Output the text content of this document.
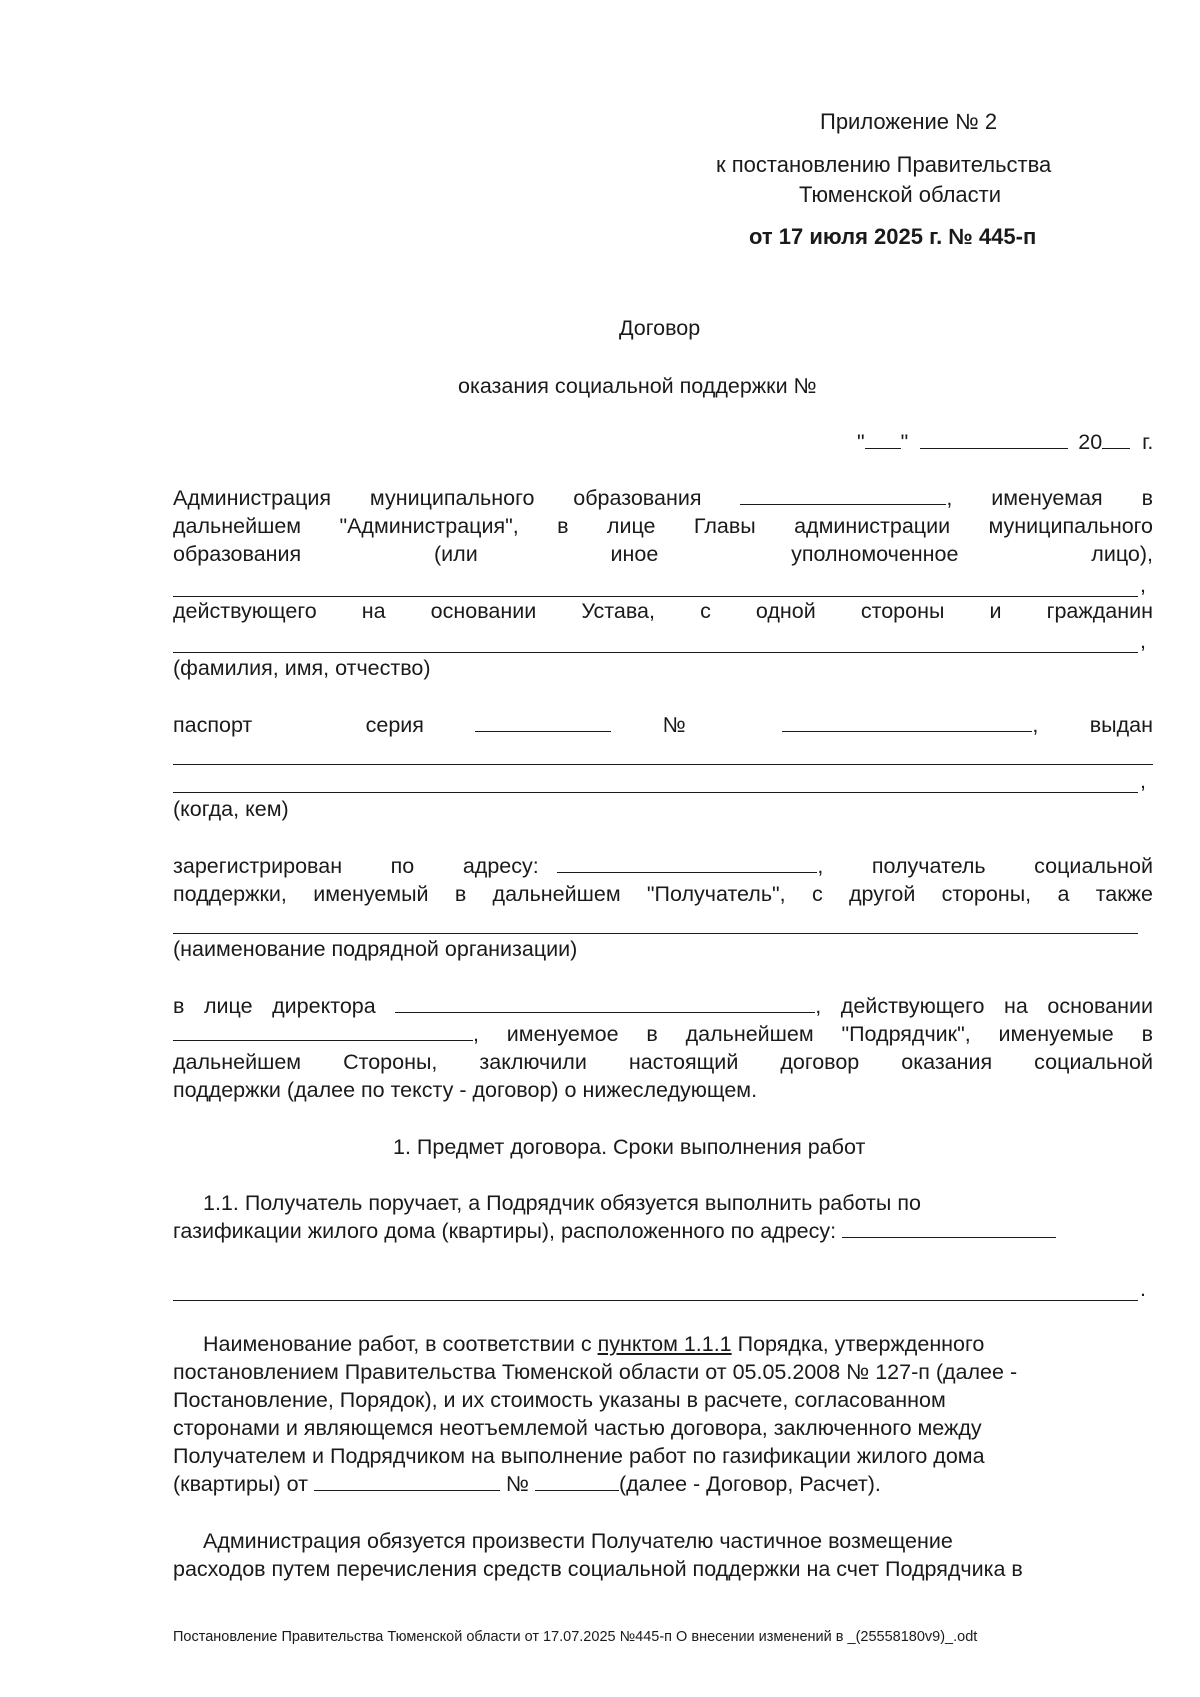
Приложение № 2
к постановлению Правительства
Тюменской области
от 17 июля 2025 г. № 445-п
Договор
оказания социальной поддержки №
" "	20 г.
Администрация муниципального образования	, именуемая в
дальнейшем "Администрация", в лице Главы администрации муниципального
образования (или иное уполномоченное лицо),
,
действующего на основании Устава, с одной стороны и гражданин
,
(фамилия, имя, отчество)
паспорт серия	№	, выдан
,
(когда, кем)
зарегистрирован по адресу:	, получатель социальной
поддержки, именуемый в дальнейшем "Получатель", с другой стороны, а также
(наименование подрядной организации)
в лице директора	, действующего на основании
, именуемое в дальнейшем "Подрядчик", именуемые в
дальнейшем Стороны, заключили настоящий договор оказания социальной
поддержки (далее по тексту - договор) о нижеследующем.
1. Предмет договора. Сроки выполнения работ
1.1. Получатель поручает, а Подрядчик обязуется выполнить работы по
газификации жилого дома (квартиры), расположенного по адресу:
.
Наименование работ, в соответствии с пунктом 1.1.1 Порядка, утвержденного
постановлением Правительства Тюменской области от 05.05.2008 № 127-п (далее -
Постановление, Порядок), и их стоимость указаны в расчете, согласованном
сторонами и являющемся неотъемлемой частью договора, заключенного между
Получателем и Подрядчиком на выполнение работ по газификации жилого дома
(квартиры) от	№	(далее - Договор, Расчет).
Администрация обязуется произвести Получателю частичное возмещение
расходов путем перечисления средств социальной поддержки на счет Подрядчика в
Постановление Правительства Тюменской области от 17.07.2025 №445-п О внесении изменений в _(25558180v9)_.odt
